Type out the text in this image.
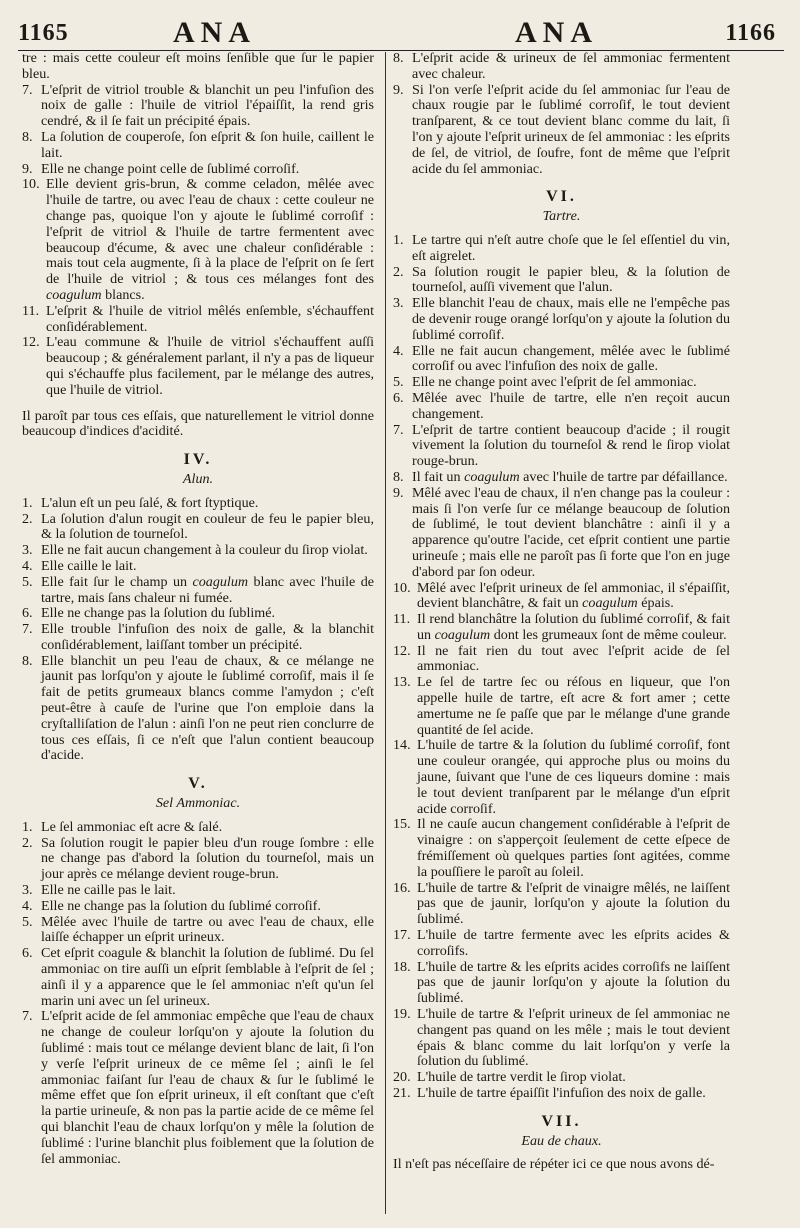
1165	ANA	ANA	1166

tre : mais cette couleur eſt moins ſenſible que ſur le papier bleu.

7. L'eſprit de vitriol trouble & blanchit un peu l'infuſion des noix de galle : l'huile de vitriol l'épaiſſit, la rend gris cendré, & il ſe fait un précipité épais.

8. La ſolution de couperoſe, ſon eſprit & ſon huile, caillent le lait.

9. Elle ne change point celle de ſublimé corroſif.

10. Elle devient gris-brun, & comme celadon, mêlée avec l'huile de tartre, ou avec l'eau de chaux : cette couleur ne change pas, quoique l'on y ajoute le ſublimé corroſif : l'eſprit de vitriol & l'huile de tartre fermentent avec beaucoup d'écume, & avec une chaleur conſidérable : mais tout cela augmente, ſi à la place de l'eſprit on ſe ſert de l'huile de vitriol ; & tous ces mélanges font des coagulum blancs.

11. L'eſprit & l'huile de vitriol mêlés enſemble, s'échauffent conſidérablement.

12. L'eau commune & l'huile de vitriol s'échauffent auſſi beaucoup ; & généralement parlant, il n'y a pas de liqueur qui s'échauffe plus facilement, par le mélange des autres, que l'huile de vitriol.

Il paroît par tous ces eſſais, que naturellement le vitriol donne beaucoup d'indices d'acidité.

IV.
Alun.

1. L'alun eſt un peu ſalé, & fort ſtyptique.

2. La ſolution d'alun rougit en couleur de feu le papier bleu, & la ſolution de tourneſol.

3. Elle ne fait aucun changement à la couleur du ſirop violat.

4. Elle caille le lait.

5. Elle fait ſur le champ un coagulum blanc avec l'huile de tartre, mais ſans chaleur ni fumée.

6. Elle ne change pas la ſolution du ſublimé.

7. Elle trouble l'infuſion des noix de galle, & la blanchit conſidérablement, laiſſant tomber un précipité.

8. Elle blanchit un peu l'eau de chaux, & ce mélange ne jaunit pas lorſqu'on y ajoute le ſublimé corroſif, mais il ſe fait de petits grumeaux blancs comme l'amydon ; c'eſt peut-être à cauſe de l'urine que l'on emploie dans la cryſtalliſation de l'alun : ainſi l'on ne peut rien conclurre de tous ces eſſais, ſi ce n'eſt que l'alun contient beaucoup d'acide.

V.
Sel Ammoniac.

1. Le ſel ammoniac eſt acre & ſalé.

2. Sa ſolution rougit le papier bleu d'un rouge ſombre : elle ne change pas d'abord la ſolution du tourneſol, mais un jour après ce mélange devient rouge-brun.

3. Elle ne caille pas le lait.

4. Elle ne change pas la ſolution du ſublimé corroſif.

5. Mêlée avec l'huile de tartre ou avec l'eau de chaux, elle laiſſe échapper un eſprit urineux.

6. Cet eſprit coagule & blanchit la ſolution de ſublimé. Du ſel ammoniac on tire auſſi un eſprit ſemblable à l'eſprit de ſel ; ainſi il y a apparence que le ſel ammoniac n'eſt qu'un ſel marin uni avec un ſel urineux.

7. L'eſprit acide de ſel ammoniac empêche que l'eau de chaux ne change de couleur lorſqu'on y ajoute la ſolution du ſublimé : mais tout ce mélange devient blanc de lait, ſi l'on y verſe l'eſprit urineux de ce même ſel ; ainſi le ſel ammoniac faiſant ſur l'eau de chaux & ſur le ſublimé le même effet que ſon eſprit urineux, il eſt conſtant que c'eſt la partie urineuſe, & non pas la partie acide de ce même ſel qui blanchit l'eau de chaux lorſqu'on y mêle la ſolution de ſublimé : l'urine blanchit plus foiblement que la ſolution de ſel ammoniac.

8. L'eſprit acide & urineux de ſel ammoniac fermentent avec chaleur.

9. Si l'on verſe l'eſprit acide du ſel ammoniac ſur l'eau de chaux rougie par le ſublimé corroſif, le tout devient tranſparent, & ce tout devient blanc comme du lait, ſi l'on y ajoute l'eſprit urineux de ſel ammoniac : les eſprits de ſel, de vitriol, de ſoufre, font de même que l'eſprit acide du ſel ammoniac.

VI.
Tartre.

1. Le tartre qui n'eſt autre choſe que le ſel eſſentiel du vin, eſt aigrelet.

2. Sa ſolution rougit le papier bleu, & la ſolution de tourneſol, auſſi vivement que l'alun.

3. Elle blanchit l'eau de chaux, mais elle ne l'empêche pas de devenir rouge orangé lorſqu'on y ajoute la ſolution du ſublimé corroſif.

4. Elle ne fait aucun changement, mêlée avec le ſublimé corroſif ou avec l'infuſion des noix de galle.

5. Elle ne change point avec l'eſprit de ſel ammoniac.

6. Mêlée avec l'huile de tartre, elle n'en reçoit aucun changement.

7. L'eſprit de tartre contient beaucoup d'acide ; il rougit vivement la ſolution du tourneſol & rend le ſirop violat rouge-brun.

8. Il fait un coagulum avec l'huile de tartre par défaillance.

9. Mêlé avec l'eau de chaux, il n'en change pas la couleur : mais ſi l'on verſe ſur ce mélange beaucoup de ſolution de ſublimé, le tout devient blanchâtre : ainſi il y a apparence qu'outre l'acide, cet eſprit contient une partie urineuſe ; mais elle ne paroît pas ſi forte que l'on en juge d'abord par ſon odeur.

10. Mêlé avec l'eſprit urineux de ſel ammoniac, il s'épaiſſit, devient blanchâtre, & fait un coagulum épais.

11. Il rend blanchâtre la ſolution du ſublimé corroſif, & fait un coagulum dont les grumeaux ſont de même couleur.

12. Il ne fait rien du tout avec l'eſprit acide de ſel ammoniac.

13. Le ſel de tartre ſec ou réſous en liqueur, que l'on appelle huile de tartre, eſt acre & fort amer ; cette amertume ne ſe paſſe que par le mélange d'une grande quantité de ſel acide.

14. L'huile de tartre & la ſolution du ſublimé corroſif, font une couleur orangée, qui approche plus ou moins du jaune, ſuivant que l'une de ces liqueurs domine : mais le tout devient tranſparent par le mélange d'un eſprit acide corroſif.

15. Il ne cauſe aucun changement conſidérable à l'eſprit de vinaigre : on s'apperçoit ſeulement de cette eſpece de frémiſſement où quelques parties ſont agitées, comme la pouſſiere le paroît au ſoleil.

16. L'huile de tartre & l'eſprit de vinaigre mêlés, ne laiſſent pas que de jaunir, lorſqu'on y ajoute la ſolution du ſublimé.

17. L'huile de tartre fermente avec les eſprits acides & corroſifs.

18. L'huile de tartre & les eſprits acides corroſifs ne laiſſent pas que de jaunir lorſqu'on y ajoute la ſolution du ſublimé.

19. L'huile de tartre & l'eſprit urineux de ſel ammoniac ne changent pas quand on les mêle ; mais le tout devient épais & blanc comme du lait lorſqu'on y verſe la ſolution du ſublimé.

20. L'huile de tartre verdit le ſirop violat.

21. L'huile de tartre épaiſſit l'infuſion des noix de galle.

VII.
Eau de chaux.

Il n'eſt pas néceſſaire de répéter ici ce que nous avons dé-
